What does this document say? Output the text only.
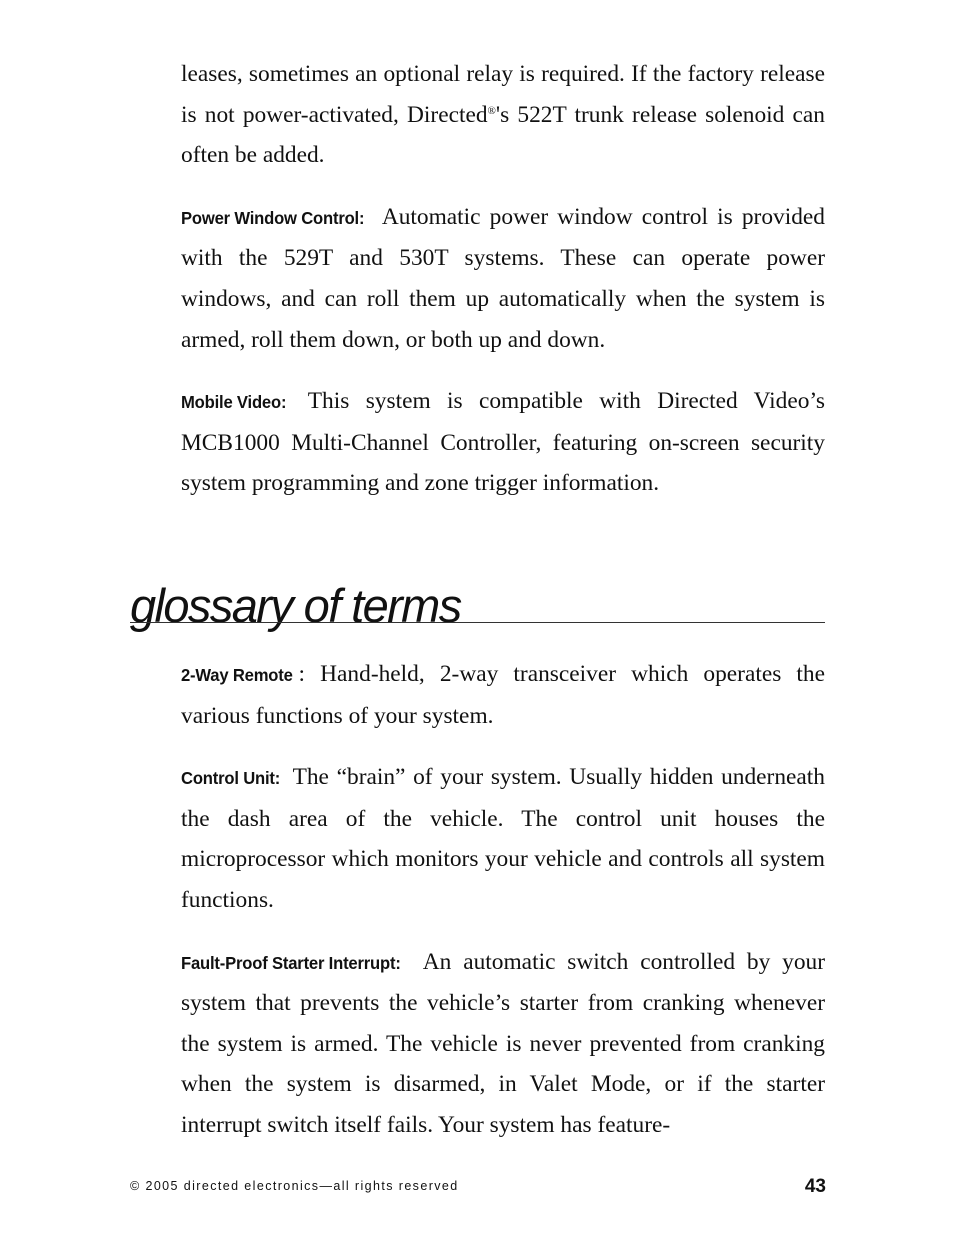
leases, sometimes an optional relay is required. If the factory release is not power-activated, Directed®'s 522T trunk release solenoid can often be added.

Power Window Control: Automatic power window control is provided with the 529T and 530T systems. These can operate power windows, and can roll them up automatically when the system is armed, roll them down, or both up and down.

Mobile Video: This system is compatible with Directed Video’s MCB1000 Multi-Channel Controller, featuring on-screen security system programming and zone trigger information.

glossary of terms

2-Way Remote : Hand-held, 2-way transceiver which operates the various functions of your system.

Control Unit: The “brain” of your system. Usually hidden underneath the dash area of the vehicle. The control unit houses the microprocessor which monitors your vehicle and controls all system functions.

Fault-Proof Starter Interrupt: An automatic switch controlled by your system that prevents the vehicle’s starter from cranking whenever the system is armed. The vehicle is never prevented from cranking when the system is disarmed, in Valet Mode, or if the starter interrupt switch itself fails. Your system has feature-

© 2005 directed electronics—all rights reserved	43
